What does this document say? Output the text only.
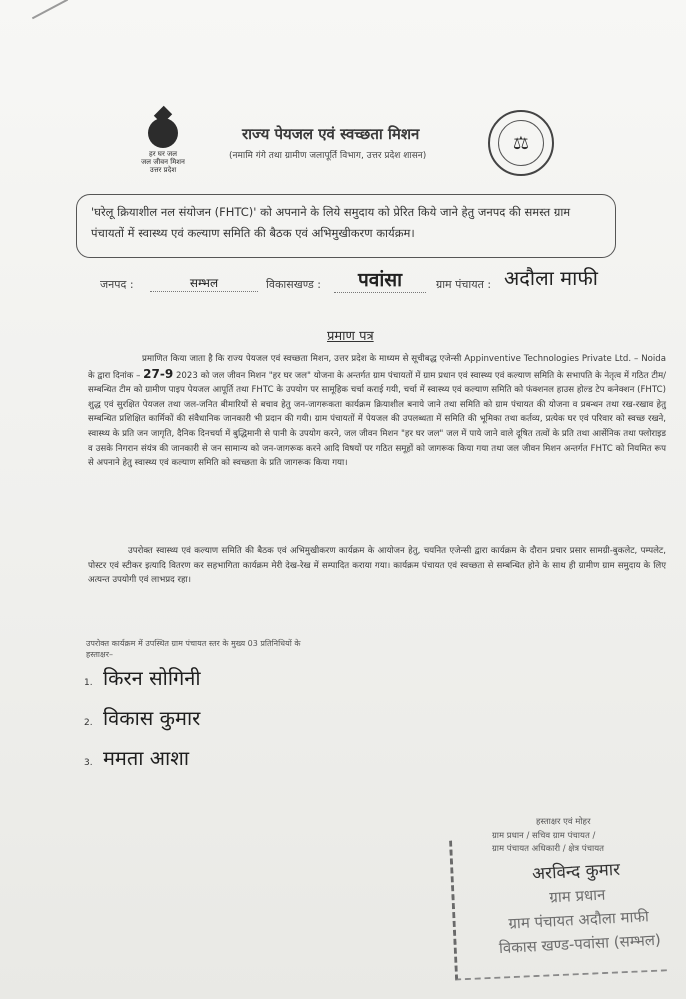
हर घर जल
जल जीवन मिशन
उत्तर प्रदेश
राज्य पेयजल एवं स्वच्छता मिशन
(नमामि गंगे तथा ग्रामीण जलापूर्ति विभाग, उत्तर प्रदेश शासन)
⚖
'घरेलू क्रियाशील नल संयोजन (FHTC)' को अपनाने के लिये समुदाय को प्रेरित किये जाने हेतु जनपद की समस्त ग्राम पंचायतों में स्वास्थ्य एवं कल्याण समिति की बैठक एवं अभिमुखीकरण कार्यक्रम।
जनपद :	सम्भल	विकासखण्ड :	पवांसा	ग्राम पंचायत : अदौला माफी
प्रमाण पत्र
प्रमाणित किया जाता है कि राज्य पेयजल एवं स्वच्छता मिशन, उत्तर प्रदेश के माध्यम से सूचीबद्ध एजेन्सी Appinventive Technologies Private Ltd. – Noida के द्वारा दिनांक – 27-9 2023 को जल जीवन मिशन "हर घर जल" योजना के अन्तर्गत ग्राम पंचायतों में ग्राम प्रधान एवं स्वास्थ्य एवं कल्याण समिति के सभापति के नेतृत्व में गठित टीम/सम्बन्धित टीम को ग्रामीण पाइप पेयजल आपूर्ति तथा FHTC के उपयोग पर सामूहिक चर्चा कराई गयी, चर्चा में स्वास्थ्य एवं कल्याण समिति को फंक्शनल हाउस होल्ड टेप कनेक्शन (FHTC) शुद्ध एवं सुरक्षित पेयजल तथा जल-जनित बीमारियों से बचाव हेतु जन-जागरूकता कार्यक्रम क्रियाशील बनाये जाने तथा समिति को ग्राम पंचायत की योजना व प्रबन्धन तथा रख-रखाव हेतु सम्बन्धित प्रशिक्षित कार्मिकों की संवैधानिक जानकारी भी प्रदान की गयी। ग्राम पंचायतों में पेयजल की उपलब्धता में समिति की भूमिका तथा कर्तव्य, प्रत्येक घर एवं परिवार को स्वच्छ रखने, स्वास्थ्य के प्रति जन जागृति, दैनिक दिनचर्या में बुद्धिमानी से पानी के उपयोग करने, जल जीवन मिशन "हर घर जल" जल में पाये जाने वाले दूषित तत्वों के प्रति तथा आर्सेनिक तथा फ्लोराइड व उसके निगरान संयंत्र की जानकारी से जन सामान्य को जन-जागरूक करने आदि विषयों पर गठित समूहों को जागरूक किया गया तथा जल जीवन मिशन अन्तर्गत FHTC को नियमित रूप से अपनाने हेतु स्वास्थ्य एवं कल्याण समिति को स्वच्छता के प्रति जागरूक किया गया।
उपरोक्त स्वास्थ्य एवं कल्याण समिति की बैठक एवं अभिमुखीकरण कार्यक्रम के आयोजन हेतु, चयनित एजेन्सी द्वारा कार्यक्रम के दौरान प्रचार प्रसार सामग्री-बुकलेट, पम्पलेट, पोस्टर एवं स्टीकर इत्यादि वितरण कर सहभागिता कार्यक्रम मेरी देख-रेख में सम्पादित कराया गया। कार्यक्रम पंचायत एवं स्वच्छता से सम्बन्धित होने के साथ ही ग्रामीण ग्राम समुदाय के लिए अत्यन्त उपयोगी एवं लाभप्रद रहा।
उपरोक्त कार्यक्रम में उपस्थित ग्राम पंचायत स्तर के मुख्य 03 प्रतिनिधियों के
हस्ताक्षर–
1. किरन सोगिनी
2. विकास कुमार
3. ममता आशा
हस्ताक्षर एवं मोहर
ग्राम प्रधान / सचिव ग्राम पंचायत /
ग्राम पंचायत अधिकारी / क्षेत्र पंचायत
अरविन्द कुमार
ग्राम प्रधान
ग्राम पंचायत अदौला माफी
विकास खण्ड-पवांसा (सम्भल)
